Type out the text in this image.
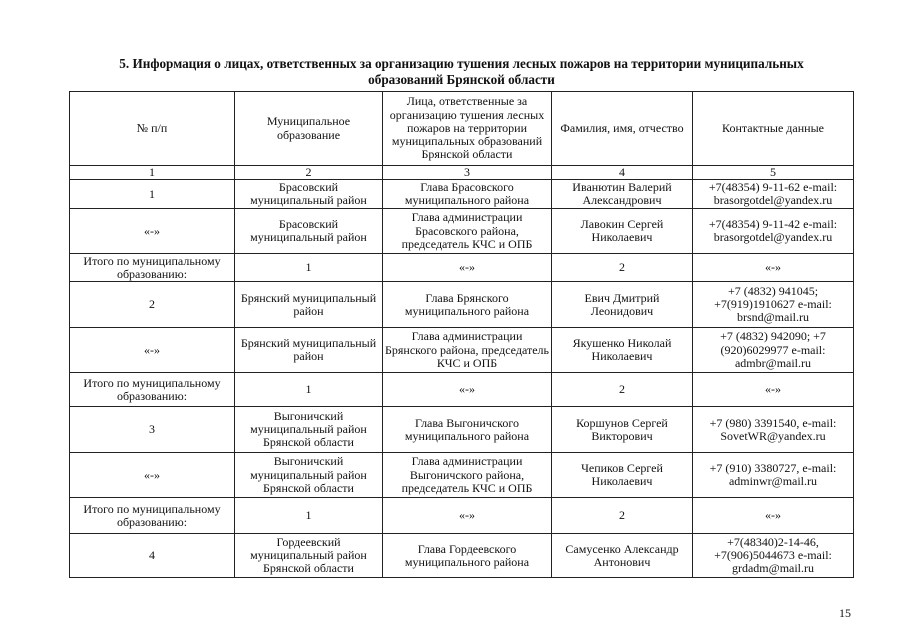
5. Информация о лицах, ответственных за организацию тушения лесных пожаров на территории муниципальных
образований Брянской области
№ п/п	Муниципальное образование	Лица, ответственные за организацию тушения лесных пожаров на территории муниципальных образований Брянской области	Фамилия, имя, отчество	Контактные данные
1	2	3	4	5
1	Брасовский муниципальный район	Глава Брасовского муниципального района	Иванютин Валерий Александрович	+7(48354) 9-11-62 e-mail: brasorgotdel@yandex.ru
«-»	Брасовский муниципальный район	Глава администрации Брасовского района, председатель КЧС и ОПБ	Лавокин Сергей Николаевич	+7(48354) 9-11-42 e-mail: brasorgotdel@yandex.ru
Итого по муниципальному образованию:	1	«-»	2	«-»
2	Брянский муниципальный район	Глава Брянского муниципального района	Евич Дмитрий Леонидович	+7 (4832) 941045; +7(919)1910627 e-mail: brsnd@mail.ru
«-»	Брянский муниципальный район	Глава администрации Брянского района, председатель КЧС и ОПБ	Якушенко Николай Николаевич	+7 (4832) 942090; +7 (920)6029977 e-mail: admbr@mail.ru
Итого по муниципальному образованию:	1	«-»	2	«-»
3	Выгоничский муниципальный район Брянской области	Глава Выгоничского муниципального района	Коршунов Сергей Викторович	+7 (980) 3391540, e-mail: SovetWR@yandex.ru
«-»	Выгоничский муниципальный район Брянской области	Глава администрации Выгоничского района, председатель КЧС и ОПБ	Чепиков Сергей Николаевич	+7 (910) 3380727, e-mail: adminwr@mail.ru
Итого по муниципальному образованию:	1	«-»	2	«-»
4	Гордеевский муниципальный район Брянской области	Глава Гордеевского муниципального района	Самусенко Александр Антонович	+7(48340)2-14-46, +7(906)5044673 e-mail: grdadm@mail.ru
15
